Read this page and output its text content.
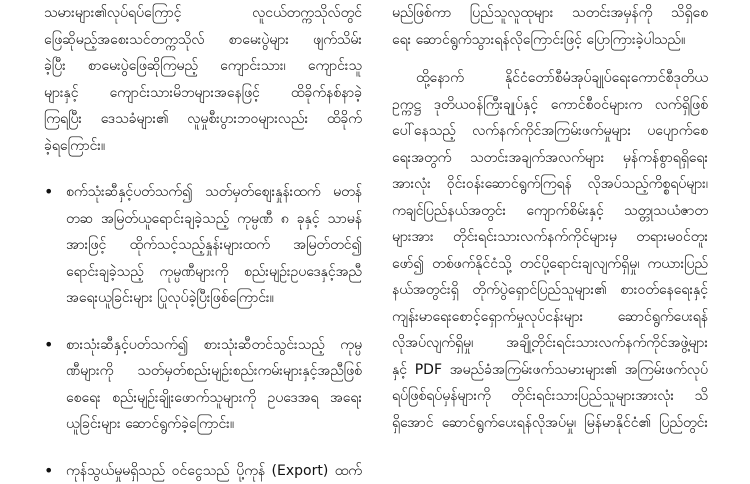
သမားများ၏လုပ်ရပ်ကြောင့် လူငယ်တက္ကသိုလ်တွင်
ဖြေဆိုမည့်အစေးသင်တက္ကသိုလ် စာမေးပွဲများ ဖျက်သိမ်း
ခဲ့ပြီး စာမေးပွဲဖြေဆိုကြမည့် ကျောင်းသား၊ ကျောင်းသူ
များနှင့် ကျောင်းသားမိဘများအနေဖြင့် ထိခိုက်နစ်နာခဲ့
ကြရပြီး ဒေသခံများ၏ လူမှုစီးပွားဘဝများလည်း ထိခိုက်
ခဲ့ရကြောင်း။
• စက်သုံးဆီနှင့်ပတ်သက်၍ သတ်မှတ်စျေးနှုန်းထက် မတန်
တဆ အမြတ်ယူရောင်းချခဲ့သည့် ကုမ္ပဏီ ၈ ခုနှင့် သာမန်
အားဖြင့် ထိုက်သင့်သည့်နှုန်းများထက် အမြတ်တင်၍
ရောင်းချခဲ့သည့် ကုမ္ပဏီများကို စည်းမျဉ်းဥပဒေနှင့်အညီ
အရေးယူခြင်းများ ပြုလုပ်ခဲ့ပြီးဖြစ်ကြောင်း။
• စားသုံးဆီနှင့်ပတ်သက်၍ စားသုံးဆီတင်သွင်းသည့် ကုမ္ပ
ဏီများကို သတ်မှတ်စည်းမျဉ်းစည်းကမ်းများနှင့်အညီဖြစ်
စေရေး စည်းမျဉ်းချိုးဖောက်သူများကို ဥပဒေအရ အရေး
ယူခြင်းများ ဆောင်ရွက်ခဲ့ကြောင်း။
• ကုန်သွယ်မှုမရှိသည် ဝင်ငွေသည် ပို့ကုန် (Export) ထက်
မည်ဖြစ်ကာ ပြည်သူလူထုများ သတင်းအမှန်ကို သိရှိစေ
ရေး ဆောင်ရွက်သွားရန်လိုကြောင်းဖြင့် ပြောကြားခဲ့ပါသည်။
ထို့နောက် နိုင်ငံတော်စီမံအုပ်ချုပ်ရေးကောင်စီဒုတိယ
ဥက္ကဋ္ဌ ဒုတိယဝန်ကြီးချုပ်နှင့် ကောင်စီဝင်များက လက်ရှိဖြစ်
ပေါ်နေသည့် လက်နက်ကိုင်အကြမ်းဖက်မှုများ ပပျောက်စေ
ရေးအတွက် သတင်းအချက်အလက်များ မှန်ကန်စွာရရှိရေး
အားလုံး ဝိုင်းဝန်းဆောင်ရွက်ကြရန် လိုအပ်သည့်ကိစ္စရပ်များ၊
ကချင်ပြည်နယ်အတွင်း ကျောက်စိမ်းနှင့် သတ္တုသယံဇာတ
များအား တိုင်းရင်းသားလက်နက်ကိုင်များမှ တရားမဝင်တူး
ဖော်၍ တစ်ဖက်နိုင်ငံသို့ တင်ပို့ရောင်းချလျက်ရှိမှု၊ ကယားပြည်
နယ်အတွင်းရှိ တိုက်ပွဲရှောင်ပြည်သူများ၏ စားဝတ်နေရေးနှင့်
ကျန်းမာရေးစောင့်ရှောက်မှုလုပ်ငန်းများ ဆောင်ရွက်ပေးရန်
လိုအပ်လျက်ရှိမှု၊ အချို့တိုင်းရင်းသားလက်နက်ကိုင်အဖွဲ့များ
နှင့် PDF အမည်ခံအကြမ်းဖက်သမားများ၏ အကြမ်းဖက်လုပ်
ရပ်ဖြစ်ရပ်မှန်များကို တိုင်းရင်းသားပြည်သူများအားလုံး သိ
ရှိအောင် ဆောင်ရွက်ပေးရန်လိုအပ်မှု၊ မြန်မာနိုင်ငံ၏ ပြည်တွင်း
